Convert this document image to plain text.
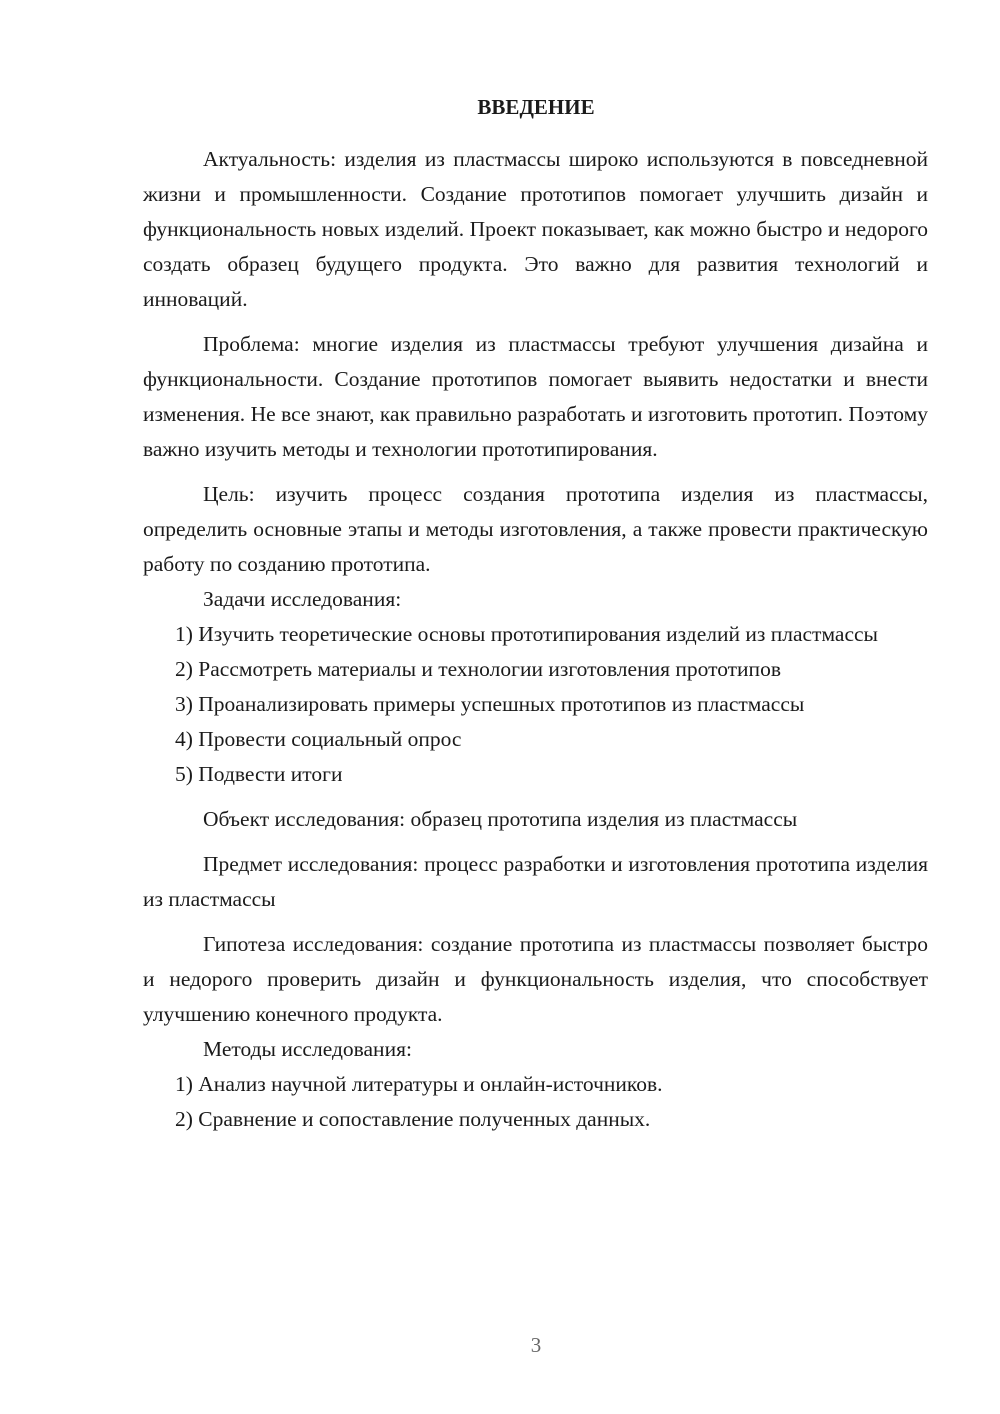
ВВЕДЕНИЕ

Актуальность: изделия из пластмассы широко используются в повседневной жизни и промышленности. Создание прототипов помогает улучшить дизайн и функциональность новых изделий. Проект показывает, как можно быстро и недорого создать образец будущего продукта. Это важно для развития технологий и инноваций.

Проблема: многие изделия из пластмассы требуют улучшения дизайна и функциональности. Создание прототипов помогает выявить недостатки и внести изменения. Не все знают, как правильно разработать и изготовить прототип. Поэтому важно изучить методы и технологии прототипирования.

Цель: изучить процесс создания прототипа изделия из пластмассы, определить основные этапы и методы изготовления, а также провести практическую работу по созданию прототипа.

Задачи исследования:

1) Изучить теоретические основы прототипирования изделий из пластмассы

2) Рассмотреть материалы и технологии изготовления прототипов

3) Проанализировать примеры успешных прототипов из пластмассы

4) Провести социальный опрос

5) Подвести итоги

Объект исследования: образец прототипа изделия из пластмассы

Предмет исследования: процесс разработки и изготовления прототипа изделия из пластмассы

Гипотеза исследования: создание прототипа из пластмассы позволяет быстро и недорого проверить дизайн и функциональность изделия, что способствует улучшению конечного продукта.

Методы исследования:

1) Анализ научной литературы и онлайн-источников.

2) Сравнение и сопоставление полученных данных.

3
